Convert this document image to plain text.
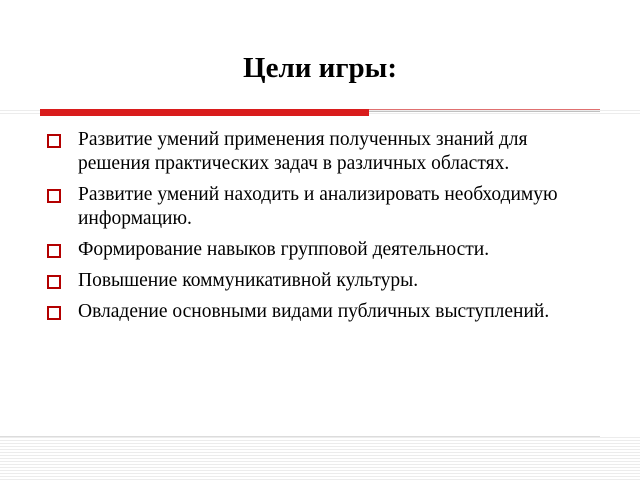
Цели игры:
Развитие умений применения полученных знаний для решения практических задач в различных областях.
Развитие умений находить и анализировать необходимую информацию.
Формирование навыков групповой деятельности.
Повышение коммуникативной культуры.
Овладение основными видами публичных выступлений.
